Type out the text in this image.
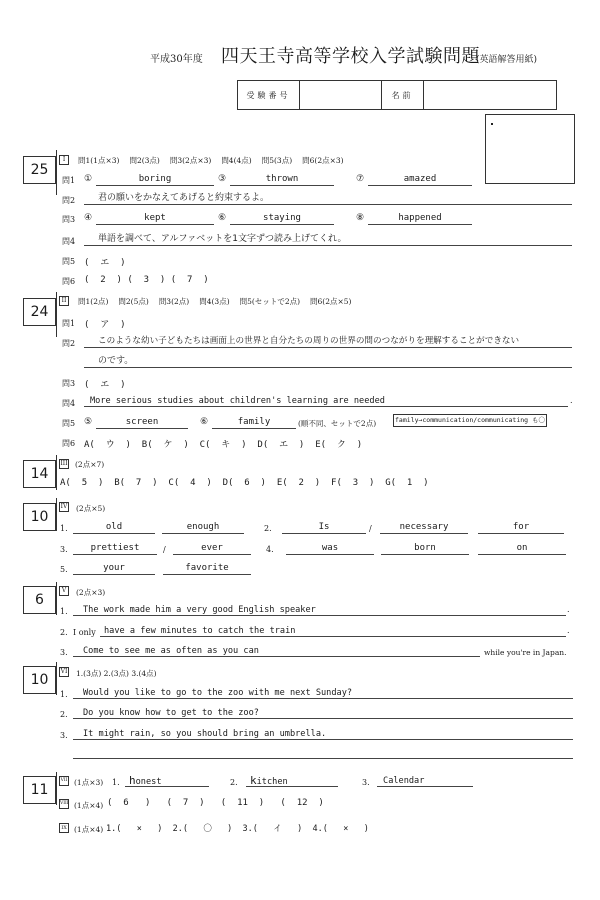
平成30年度 四天王寺高等学校入学試験問題
(英語解答用紙)
受験番号	名前
25
I	問1(1点×3) 問2(3点) 問3(2点×3) 問4(4点) 問5(3点) 問6(2点×3)
問1 ①	boring	③	thrown	⑦	amazed
問2	君の願いをかなえてあげると約束するよ。
問3 ④	kept	⑥	staying	⑧	happened
問4	単語を調べて、アルファベットを1文字ずつ読み上げてくれ。
問5 (  エ  )
問6 (  2  ) (  3  ) (  7  )
24
II	問1(2点) 問2(5点) 問3(2点) 問4(3点) 問5(セットで2点) 問6(2点×5)
問1 (  ア  )
問2	このような幼い子どもたちは画面上の世界と自分たちの周りの世界の間のつながりを理解することができない
のです。
問3 (  エ  )
問4	More serious studies about children's learning are needed	.
問5 ⑤	screen	⑥	family	(順不同、セットで2点)	family→communication/communicating も〇
問6 A(  ウ  )  B(  ケ  )  C(  キ  )  D(  エ  )  E(  ク  )
14
III (2点×7)
A(  5  )  B(  7  )  C(  4  )  D(  6  )  E(  2  )  F(  3  )  G(  1  )
10
IV (2点×5)
1.	old	enough	2.	Is	/	necessary	for
3.	prettiest	/	ever	4.	was	born	on
5.	your	favorite
6
V	(2点×3)
1.	The work made him a very good English speaker	.
2. I only have a few minutes to catch the train	.
3.	Come to see me as often as you can	while you're in Japan.
10
VI 1.(3点) 2.(3点) 3.(4点)
1.	Would you like to go to the zoo with me next Sunday?
2.	Do you know how to get to the zoo?
3.	It might rain, so you should bring an umbrella.
11
VII (1点×3) 1. honest	2.	kitchen	3.	Calendar
VIII (1点×4) (  6   )   (  7  )   (  11  )   (  12  )
IX (1点×4) 1.(   ×   )  2.(   〇   )  3.(   イ   )  4.(   ×   )
